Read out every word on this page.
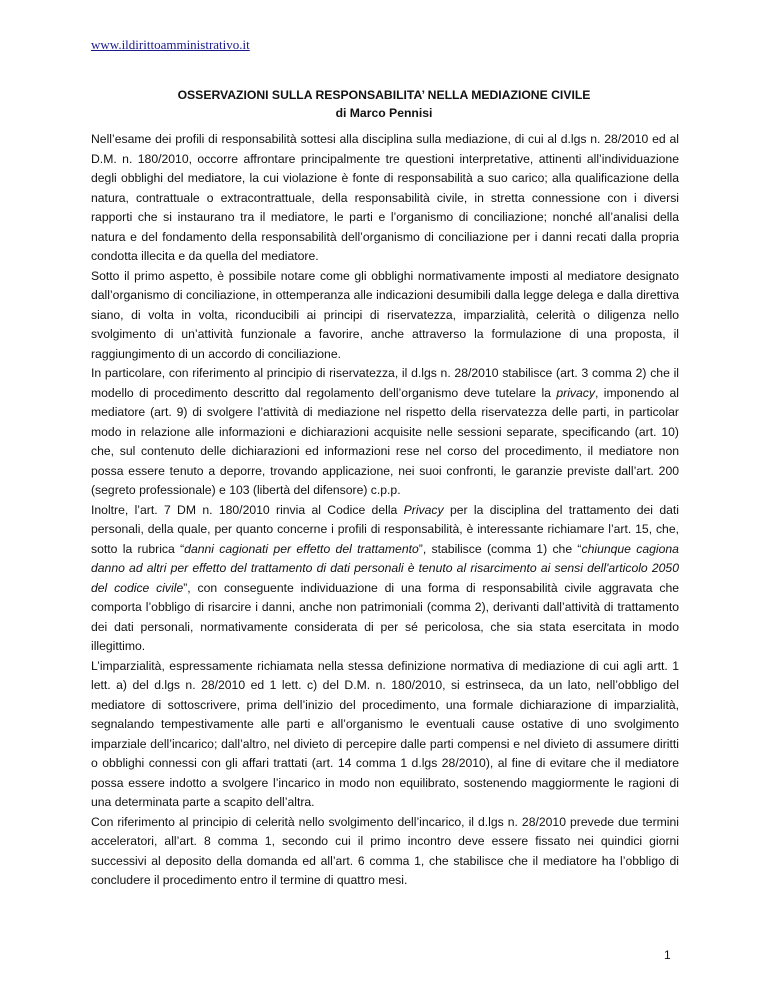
www.ildirittoamministrativo.it
OSSERVAZIONI SULLA RESPONSABILITA’ NELLA MEDIAZIONE CIVILE
di Marco Pennisi

Nell’esame dei profili di responsabilità sottesi alla disciplina sulla mediazione, di cui al d.lgs n. 28/2010 ed al D.M. n. 180/2010, occorre affrontare principalmente tre questioni interpretative, attinenti all’individuazione degli obblighi del mediatore, la cui violazione è fonte di responsabilità a suo carico; alla qualificazione della natura, contrattuale o extracontrattuale, della responsabilità civile, in stretta connessione con i diversi rapporti che si instaurano tra il mediatore, le parti e l’organismo di conciliazione; nonché all’analisi della natura e del fondamento della responsabilità dell’organismo di conciliazione per i danni recati dalla propria condotta illecita e da quella del mediatore.

Sotto il primo aspetto, è possibile notare come gli obblighi normativamente imposti al mediatore designato dall’organismo di conciliazione, in ottemperanza alle indicazioni desumibili dalla legge delega e dalla direttiva siano, di volta in volta, riconducibili ai principi di riservatezza, imparzialità, celerità o diligenza nello svolgimento di un’attività funzionale a favorire, anche attraverso la formulazione di una proposta, il raggiungimento di un accordo di conciliazione.

In particolare, con riferimento al principio di riservatezza, il d.lgs n. 28/2010 stabilisce (art. 3 comma 2) che il modello di procedimento descritto dal regolamento dell’organismo deve tutelare la privacy, imponendo al mediatore (art. 9) di svolgere l’attività di mediazione nel rispetto della riservatezza delle parti, in particolar modo in relazione alle informazioni e dichiarazioni acquisite nelle sessioni separate, specificando (art. 10) che, sul contenuto delle dichiarazioni ed informazioni rese nel corso del procedimento, il mediatore non possa essere tenuto a deporre, trovando applicazione, nei suoi confronti, le garanzie previste dall’art. 200 (segreto professionale) e 103 (libertà del difensore) c.p.p.

Inoltre, l’art. 7 DM n. 180/2010 rinvia al Codice della Privacy per la disciplina del trattamento dei dati personali, della quale, per quanto concerne i profili di responsabilità, è interessante richiamare l’art. 15, che, sotto la rubrica “danni cagionati per effetto del trattamento”, stabilisce (comma 1) che “chiunque cagiona danno ad altri per effetto del trattamento di dati personali è tenuto al risarcimento ai sensi dell'articolo 2050 del codice civile”, con conseguente individuazione di una forma di responsabilità civile aggravata che comporta l’obbligo di risarcire i danni, anche non patrimoniali (comma 2), derivanti dall’attività di trattamento dei dati personali, normativamente considerata di per sé pericolosa, che sia stata esercitata in modo illegittimo.

L’imparzialità, espressamente richiamata nella stessa definizione normativa di mediazione di cui agli artt. 1 lett. a) del d.lgs n. 28/2010 ed 1 lett. c) del D.M. n. 180/2010, si estrinseca, da un lato, nell’obbligo del mediatore di sottoscrivere, prima dell’inizio del procedimento, una formale dichiarazione di imparzialità, segnalando tempestivamente alle parti e all’organismo le eventuali cause ostative di uno svolgimento imparziale dell’incarico; dall’altro, nel divieto di percepire dalle parti compensi e nel divieto di assumere diritti o obblighi connessi con gli affari trattati (art. 14 comma 1 d.lgs 28/2010), al fine di evitare che il mediatore possa essere indotto a svolgere l’incarico in modo non equilibrato, sostenendo maggiormente le ragioni di una determinata parte a scapito dell’altra.

Con riferimento al principio di celerità nello svolgimento dell’incarico, il d.lgs n. 28/2010 prevede due termini acceleratori, all’art. 8 comma 1, secondo cui il primo incontro deve essere fissato nei quindici giorni successivi al deposito della domanda ed all’art. 6 comma 1, che stabilisce che il mediatore ha l’obbligo di concludere il procedimento entro il termine di quattro mesi.

1
